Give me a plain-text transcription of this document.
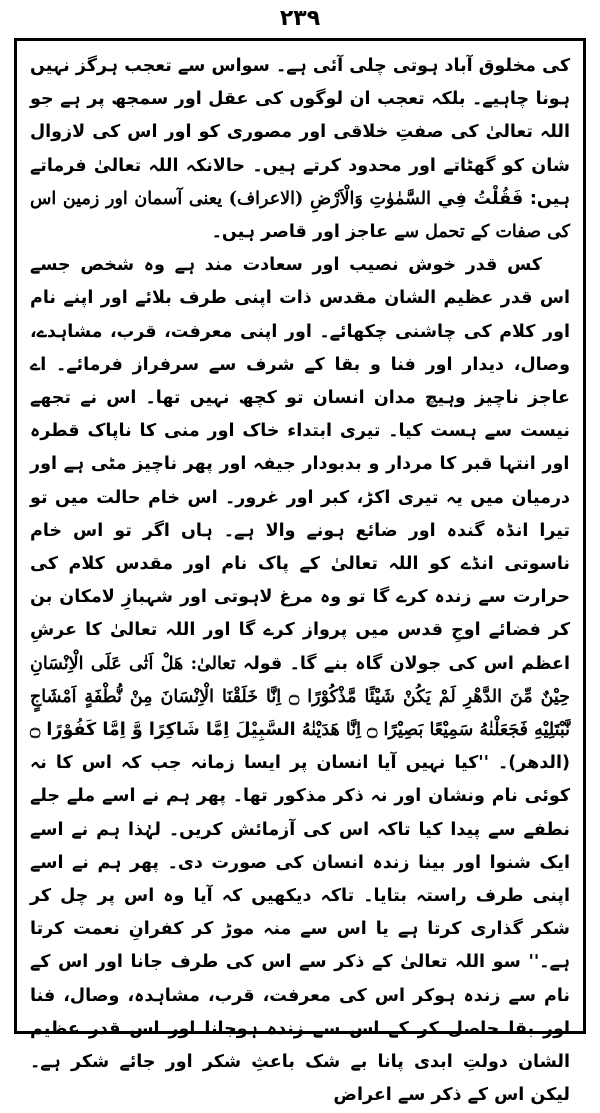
۲۳۹

کی مخلوق آباد ہوتی چلی آئی ہے۔ سواس سے تعجب ہرگز نہیں ہونا چاہیے۔ بلکہ تعجب ان لوگوں کی عقل اور سمجھ پر ہے جو اللہ تعالیٰ کی صفتِ خلاقی اور مصوری کو اور اس کی لازوال شان کو گھٹاتے اور محدود کرتے ہیں۔ حالانکہ اللہ تعالیٰ فرماتے ہیں: فَقُلْتُ فِي السَّمٰوٰتِ وَالْاَرْضِ (الاعراف) یعنی آسمان اور زمین اس کی صفات کے تحمل سے عاجز اور قاصر ہیں۔

کس قدر خوش نصیب اور سعادت مند ہے وہ شخص جسے اس قدر عظیم الشان مقدس ذات اپنی طرف بلائے اور اپنے نام اور کلام کی چاشنی چکھائے۔ اور اپنی معرفت، قرب، مشاہدے، وصال، دیدار اور فنا و بقا کے شرف سے سرفراز فرمائے۔ اے عاجز ناچیز وہیچ مدان انسان تو کچھ نہیں تھا۔ اس نے تجھے نیست سے ہست کیا۔ تیری ابتداء خاک اور منی کا ناپاک قطرہ اور انتہا قبر کا مردار و بدبودار جیفہ اور پھر ناچیز مٹی ہے اور درمیان میں یہ تیری اکڑ، کبر اور غرور۔ اس خام حالت میں تو تیرا انڈہ گندہ اور ضائع ہونے والا ہے۔ ہاں اگر تو اس خام ناسوتی انڈے کو اللہ تعالیٰ کے پاک نام اور مقدس کلام کی حرارت سے زندہ کرے گا تو وہ مرغ لاہوتی اور شہبازِ لامکان بن کر فضائے اوجِ قدس میں پرواز کرے گا اور اللہ تعالیٰ کا عرشِ اعظم اس کی جولان گاہ بنے گا۔ قولہ تعالیٰ: هَلْ اَتٰى عَلَى الْاِنْسَانِ حِيْنٌ مِّنَ الدَّهْرِ لَمْ يَكُنْ شَيْئًا مَّذْكُوْرًا ۝ اِنَّا خَلَقْنَا الْاِنْسَانَ مِنْ نُّطْفَةٍ اَمْشَاجٍ نَّبْتَلِيْهِ فَجَعَلْنٰهُ سَمِيْعًا بَصِيْرًا ۝ اِنَّا هَدَيْنٰهُ السَّبِيْلَ اِمَّا شَاكِرًا وَّ اِمَّا كَفُوْرًا ۝ (الدھر)۔ ''کیا نہیں آیا انسان پر ایسا زمانہ جب کہ اس کا نہ کوئی نام ونشان اور نہ ذکر مذکور تھا۔ پھر ہم نے اسے ملے جلے نطفے سے پیدا کیا تاکہ اس کی آزمائش کریں۔ لہٰذا ہم نے اسے ایک شنوا اور بینا زندہ انسان کی صورت دی۔ پھر ہم نے اسے اپنی طرف راستہ بتایا۔ تاکہ دیکھیں کہ آیا وہ اس پر چل کر شکر گذاری کرتا ہے یا اس سے منہ موڑ کر کفرانِ نعمت کرتا ہے۔'' سو اللہ تعالیٰ کے ذکر سے اس کی طرف جانا اور اس کے نام سے زندہ ہوکر اس کی معرفت، قرب، مشاہدہ، وصال، فنا اور بقا حاصل کر کے اس سے زندہ ہوجانا اور اس قدر عظیم الشان دولتِ ابدی پانا بے شک باعثِ شکر اور جائے شکر ہے۔ لیکن اس کے ذکر سے اعراض
